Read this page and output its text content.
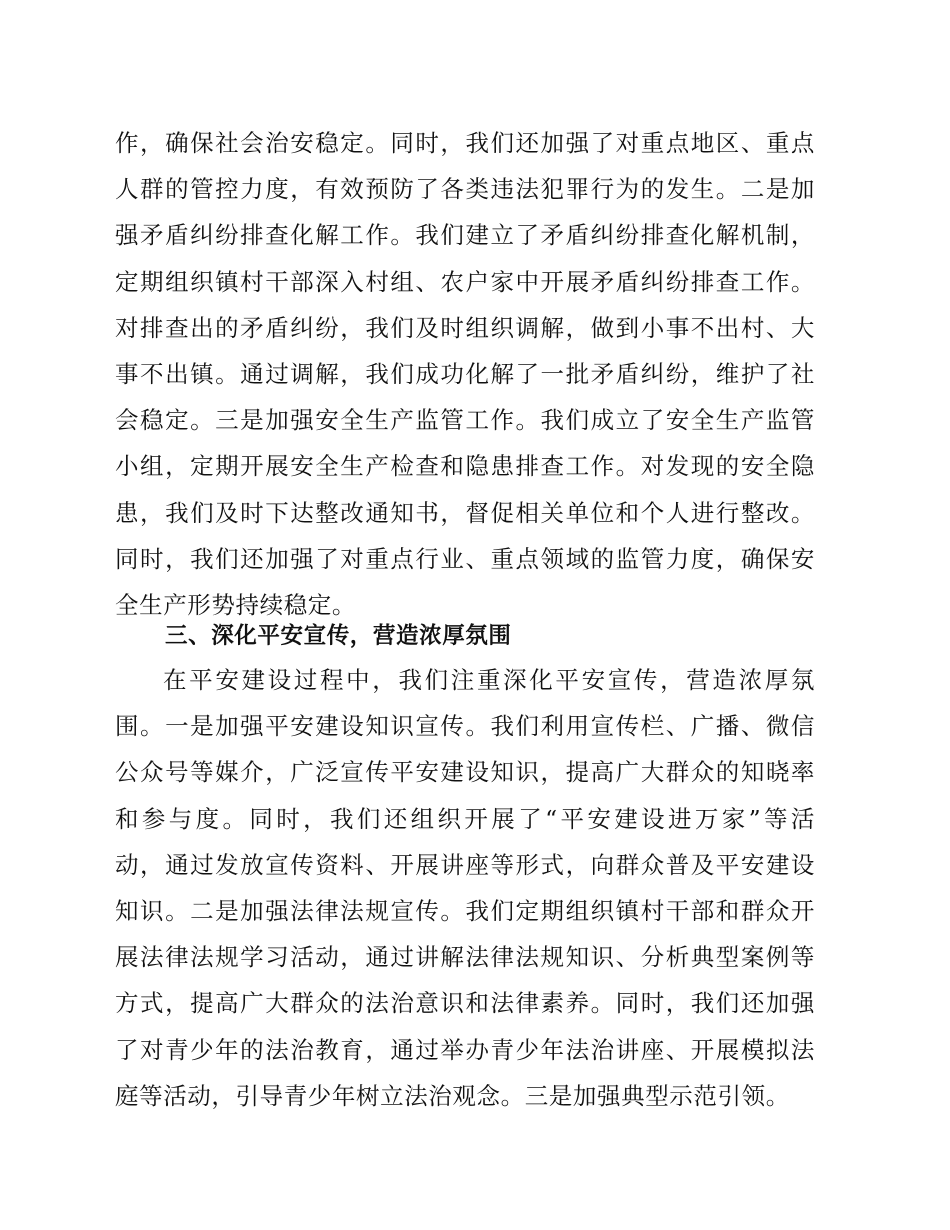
作，确保社会治安稳定。同时，我们还加强了对重点地区、重点
人群的管控力度，有效预防了各类违法犯罪行为的发生。二是加
强矛盾纠纷排查化解工作。我们建立了矛盾纠纷排查化解机制，
定期组织镇村干部深入村组、农户家中开展矛盾纠纷排查工作。
对排查出的矛盾纠纷，我们及时组织调解，做到小事不出村、大
事不出镇。通过调解，我们成功化解了一批矛盾纠纷，维护了社
会稳定。三是加强安全生产监管工作。我们成立了安全生产监管
小组，定期开展安全生产检查和隐患排查工作。对发现的安全隐
患，我们及时下达整改通知书，督促相关单位和个人进行整改。
同时，我们还加强了对重点行业、重点领域的监管力度，确保安
全生产形势持续稳定。
三、深化平安宣传，营造浓厚氛围
在平安建设过程中，我们注重深化平安宣传，营造浓厚氛
围。一是加强平安建设知识宣传。我们利用宣传栏、广播、微信
公众号等媒介，广泛宣传平安建设知识，提高广大群众的知晓率
和参与度。同时，我们还组织开展了“平安建设进万家”等活
动，通过发放宣传资料、开展讲座等形式，向群众普及平安建设
知识。二是加强法律法规宣传。我们定期组织镇村干部和群众开
展法律法规学习活动，通过讲解法律法规知识、分析典型案例等
方式，提高广大群众的法治意识和法律素养。同时，我们还加强
了对青少年的法治教育，通过举办青少年法治讲座、开展模拟法
庭等活动，引导青少年树立法治观念。三是加强典型示范引领。
